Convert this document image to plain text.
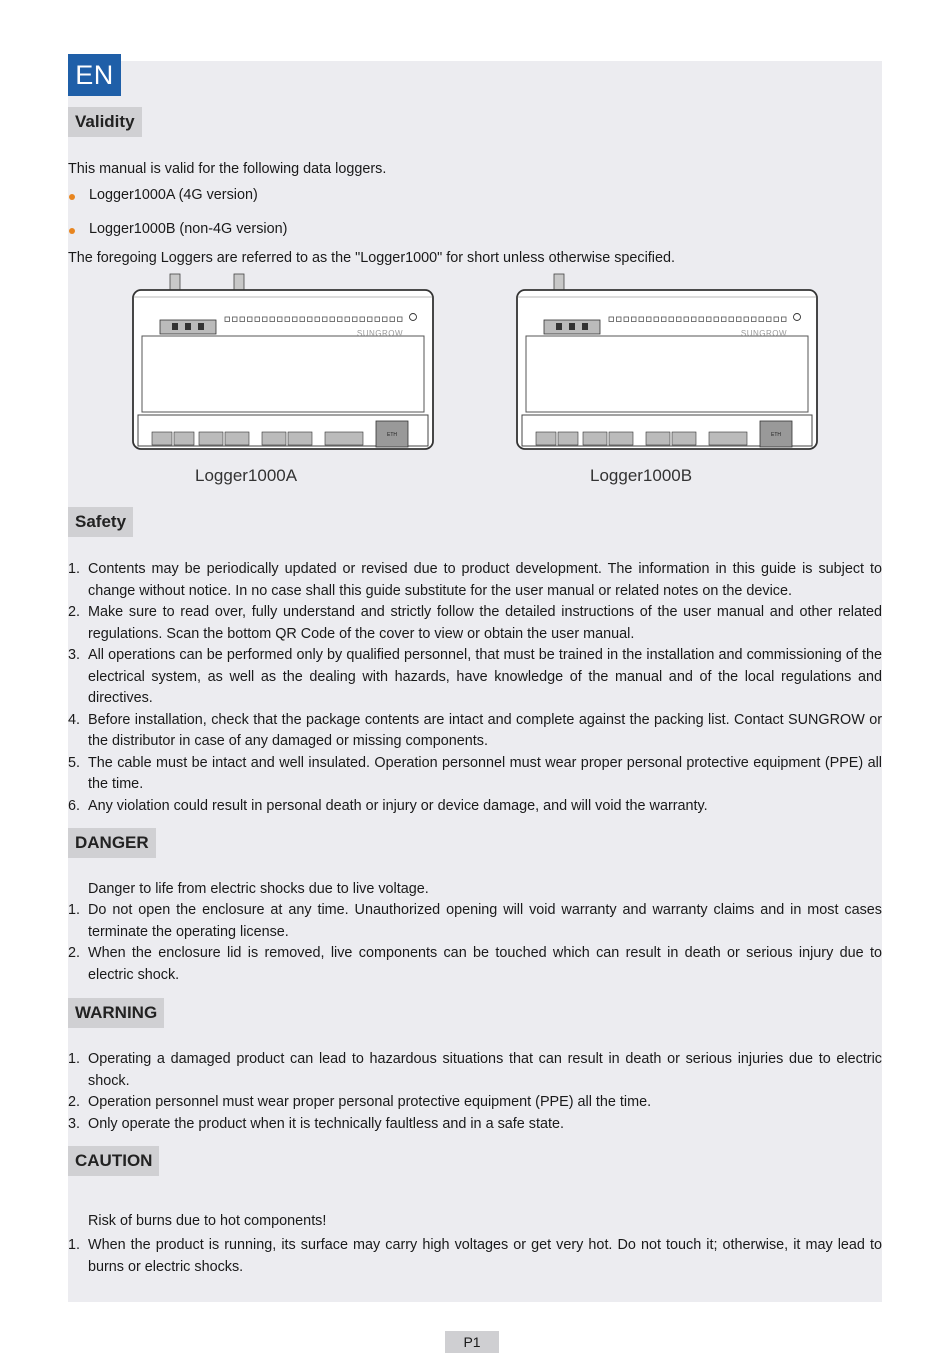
EN
Validity
This manual is valid for the following data loggers.
Logger1000A (4G version)
Logger1000B (non-4G version)
The foregoing Loggers are referred to as the "Logger1000" for short unless otherwise specified.
ETH
SUNGROW
ETH
SUNGROW
Logger1000A	Logger1000B
Safety
1. Contents may be periodically updated or revised due to product development. The information in this guide is subject to change without notice. In no case shall this guide substitute for the user manual or related notes on the device.
2. Make sure to read over, fully understand and strictly follow the detailed instructions of the user manual and other related regulations. Scan the bottom QR Code of the cover to view or obtain the user manual.
3. All operations can be performed only by qualified personnel, that must be trained in the installation and commissioning of the electrical system, as well as the dealing with hazards, have knowledge of the manual and of the local regulations and directives.
4. Before installation, check that the package contents are intact and complete against the packing list. Contact SUNGROW or the distributor in case of any damaged or missing components.
5. The cable must be intact and well insulated. Operation personnel must wear proper personal protective equipment (PPE) all the time.
6. Any violation could result in personal death or injury or device damage, and will void the warranty.
DANGER
Danger to life from electric shocks due to live voltage.
1. Do not open the enclosure at any time. Unauthorized opening will void warranty and warranty claims and in most cases terminate the operating license.
2. When the enclosure lid is removed, live components can be touched which can result in death or serious injury due to electric shock.
WARNING
1. Operating a damaged product can lead to hazardous situations that can result in death or serious injuries due to electric shock.
2. Operation personnel must wear proper personal protective equipment (PPE) all the time.
3. Only operate the product when it is technically faultless and in a safe state.
CAUTION
Risk of burns due to hot components!
1. When the product is running, its surface may carry high voltages or get very hot. Do not touch it; otherwise, it may lead to burns or electric shocks.
P1
